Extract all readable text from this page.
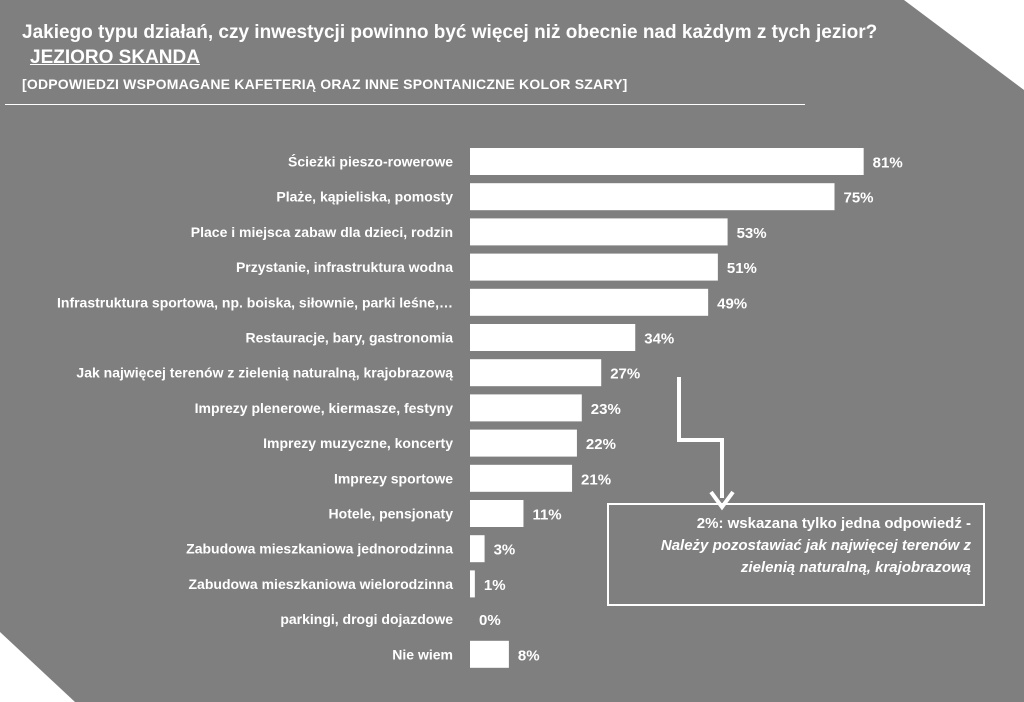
Jakiego typu działań, czy inwestycji powinno być więcej niż obecnie nad każdym z tych jezior?JEZIORO SKANDA
[ODPOWIEDZI WSPOMAGANE KAFETERIĄ ORAZ INNE SPONTANICZNE KOLOR SZARY]
Ścieżki pieszo-rowerowe	81%
Plaże, kąpieliska, pomosty	75%
Place i miejsca zabaw dla dzieci, rodzin	53%
Przystanie, infrastruktura wodna	51%
Infrastruktura sportowa, np. boiska, siłownie, parki leśne,…	49%
Restauracje, bary, gastronomia	34%
Jak najwięcej terenów z zielenią naturalną, krajobrazową	27%
Imprezy plenerowe, kiermasze, festyny	23%
Imprezy muzyczne, koncerty	22%
Imprezy sportowe	21%
Hotele, pensjonaty	11%
Zabudowa mieszkaniowa jednorodzinna	3%
Zabudowa mieszkaniowa wielorodzinna 1%
parkingi, drogi dojazdowe 0%
Nie wiem	8%
2%: wskazana tylko jedna odpowiedź -
Należy pozostawiać jak najwięcej terenów z
zielenią naturalną, krajobrazową
